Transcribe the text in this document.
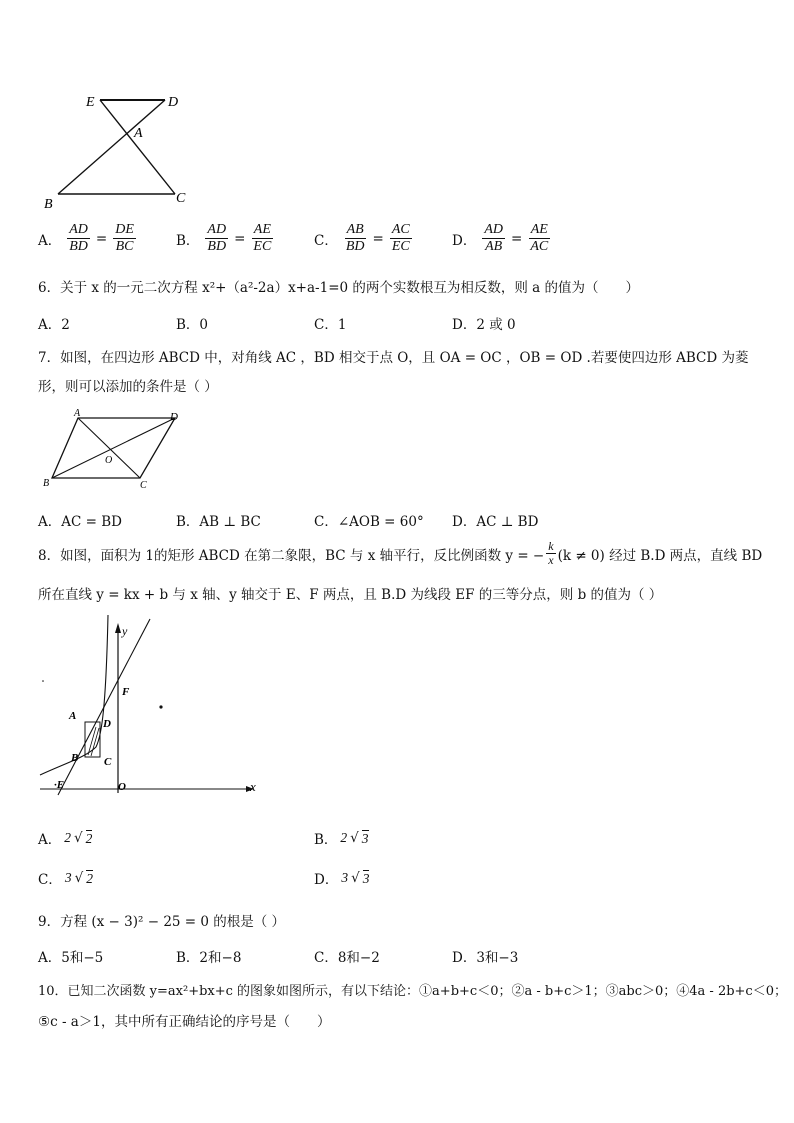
E	D
A
B	C
A． $\frac{AD}{BD} = \frac{DE}{BC}$	B． $\frac{AD}{BD} = \frac{AE}{EC}$	C． $\frac{AB}{BD} = \frac{AC}{EC}$	D． $\frac{AD}{AB} = \frac{AE}{AC}$
6．关于 x 的一元二次方程 x²+（a²-2a）x+a-1=0 的两个实数根互为相反数，则 a 的值为（　　）
A．2	B．0	C．1	D．2 或 0
7．如图，在四边形 ABCD 中，对角线 AC ，BD 相交于点 O，且 OA = OC ，OB = OD .若要使四边形 ABCD 为菱
形，则可以添加的条件是（ ）
A	D
O
B	C
A．AC = BD	B．AB ⊥ BC	C．∠AOB = 60° D．AC ⊥ BD
8．如图，面积为 1的矩形 ABCD 在第二象限，BC 与 x 轴平行，反比例函数 y = − $\frac{k}{x} (k \ne 0)$ 经过 B.D 两点，直线 BD
所在直线 y = kx + b 与 x 轴、y 轴交于 E、F 两点，且 B.D 为线段 EF 的三等分点，则 b 的值为（ ）
y
x
F
A
D
B C
·E	O
A． 2 √ 2	B． 2 √ 3
C． 3 √ 2	D． 3 √ 3
9．方程 (x − 3)² − 25 = 0 的根是（ ）
A．5和−5	B．2和−8	C．8和−2	D．3和−3
10．已知二次函数 y=ax²+bx+c 的图象如图所示，有以下结论：①a+b+c＜0；②a - b+c＞1；③abc＞0；④4a - 2b+c＜0；
⑤c - a＞1，其中所有正确结论的序号是（　　）
